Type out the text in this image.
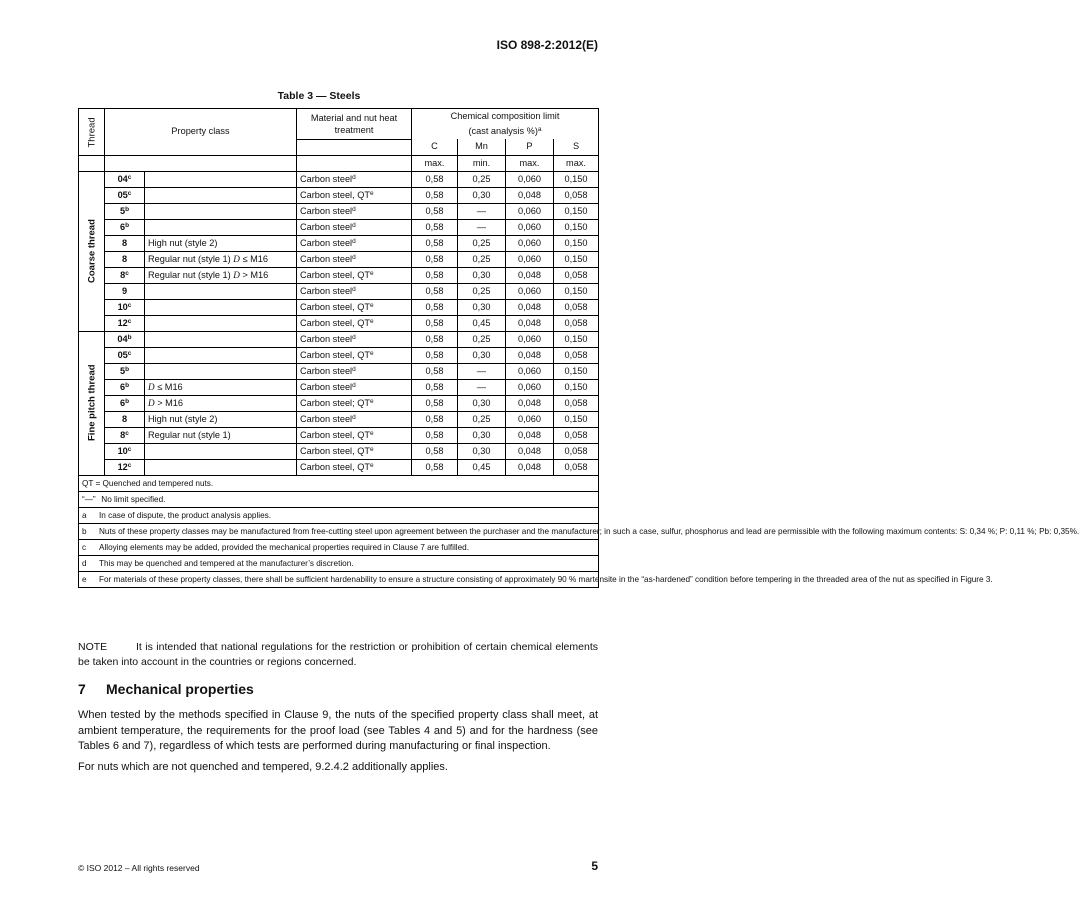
ISO 898-2:2012(E)
Table 3 — Steels
Thread	Property class		Material and nut heat treatment	Chemical composition limit			
				(cast analysis %)$^a$
				C	Mn	P	S
				max.	min.	max.	max.
Coarse thread	04$^c$		Carbon steel$^d$	0,58	0,25	0,060	0,150
	05$^c$		Carbon steel, $QT^e$	0,58	0,30	0,048	0,058
	5$^b$		Carbon steel$^d$	0,58	—	0,060	0,150
	6$^b$		Carbon steel$^d$	0,58	—	0,060	0,150
	8	High nut (style 2)	Carbon steel$^d$	0,58	0,25	0,060	0,150
	8	Regular nut (style 1) D ≤ M16	Carbon steel$^d$	0,58	0,25	0,060	0,150
	8$^c$	Regular nut (style 1) D > M16	Carbon steel, $QT^e$	0,58	0,30	0,048	0,058
	9		Carbon steel$^d$	0,58	0,25	0,060	0,150
	10$^c$		Carbon steel, $QT^e$	0,58	0,30	0,048	0,058
	12$^c$		Carbon steel, $QT^e$	0,58	0,45	0,048	0,058
Fine pitch thread	04$^b$		Carbon steel$^d$	0,58	0,25	0,060	0,150
	05$^c$		Carbon steel, $QT^e$	0,58	0,30	0,048	0,058
	5$^b$		Carbon steel$^d$	0,58	—	0,060	0,150
	6$^b$	D ≤ M16	Carbon steel$^d$	0,58	—	0,060	0,150
	6$^b$	D > M16	Carbon steel; $QT^e$	0,58	0,30	0,048	0,058
	8	High nut (style 2)	Carbon steel$^d$	0,58	0,25	0,060	0,150
	8$^c$	Regular nut (style 1)	Carbon steel, $QT^e$	0,58	0,30	0,048	0,058
	10$^c$		Carbon steel, $QT^e$	0,58	0,30	0,048	0,058
	12$^c$		Carbon steel, $QT^e$	0,58	0,45	0,048	0,058
QT = Quenched and tempered nuts.							
“—” No limit specified.							
a In case of dispute, the product analysis applies.							
b Nuts of these property classes may be manufactured from free-cutting steel upon agreement between the purchaser and the manufacturer; in such a case, sulfur, phosphorus and lead are permissible with the following maximum contents: S: 0,34 %; P: 0,11 %; Pb: 0,35%.							
c Alloying elements may be added, provided the mechanical properties required in Clause 7 are fulfilled.							
d This may be quenched and tempered at the manufacturer’s discretion.							
e For materials of these property classes, there shall be sufficient hardenability to ensure a structure consisting of approximately 90 % martensite in the “as-hardened” condition before tempering in the threaded area of the nut as specified in Figure 3.							
NOTE	It is intended that national regulations for the restriction or prohibition of certain chemical elements be taken into account in the countries or regions concerned.
7 Mechanical properties
When tested by the methods specified in Clause 9, the nuts of the specified property class shall meet, at ambient temperature, the requirements for the proof load (see Tables 4 and 5) and for the hardness (see Tables 6 and 7), regardless of which tests are performed during manufacturing or final inspection.
For nuts which are not quenched and tempered, 9.2.4.2 additionally applies.
© ISO 2012 – All rights reserved	5
